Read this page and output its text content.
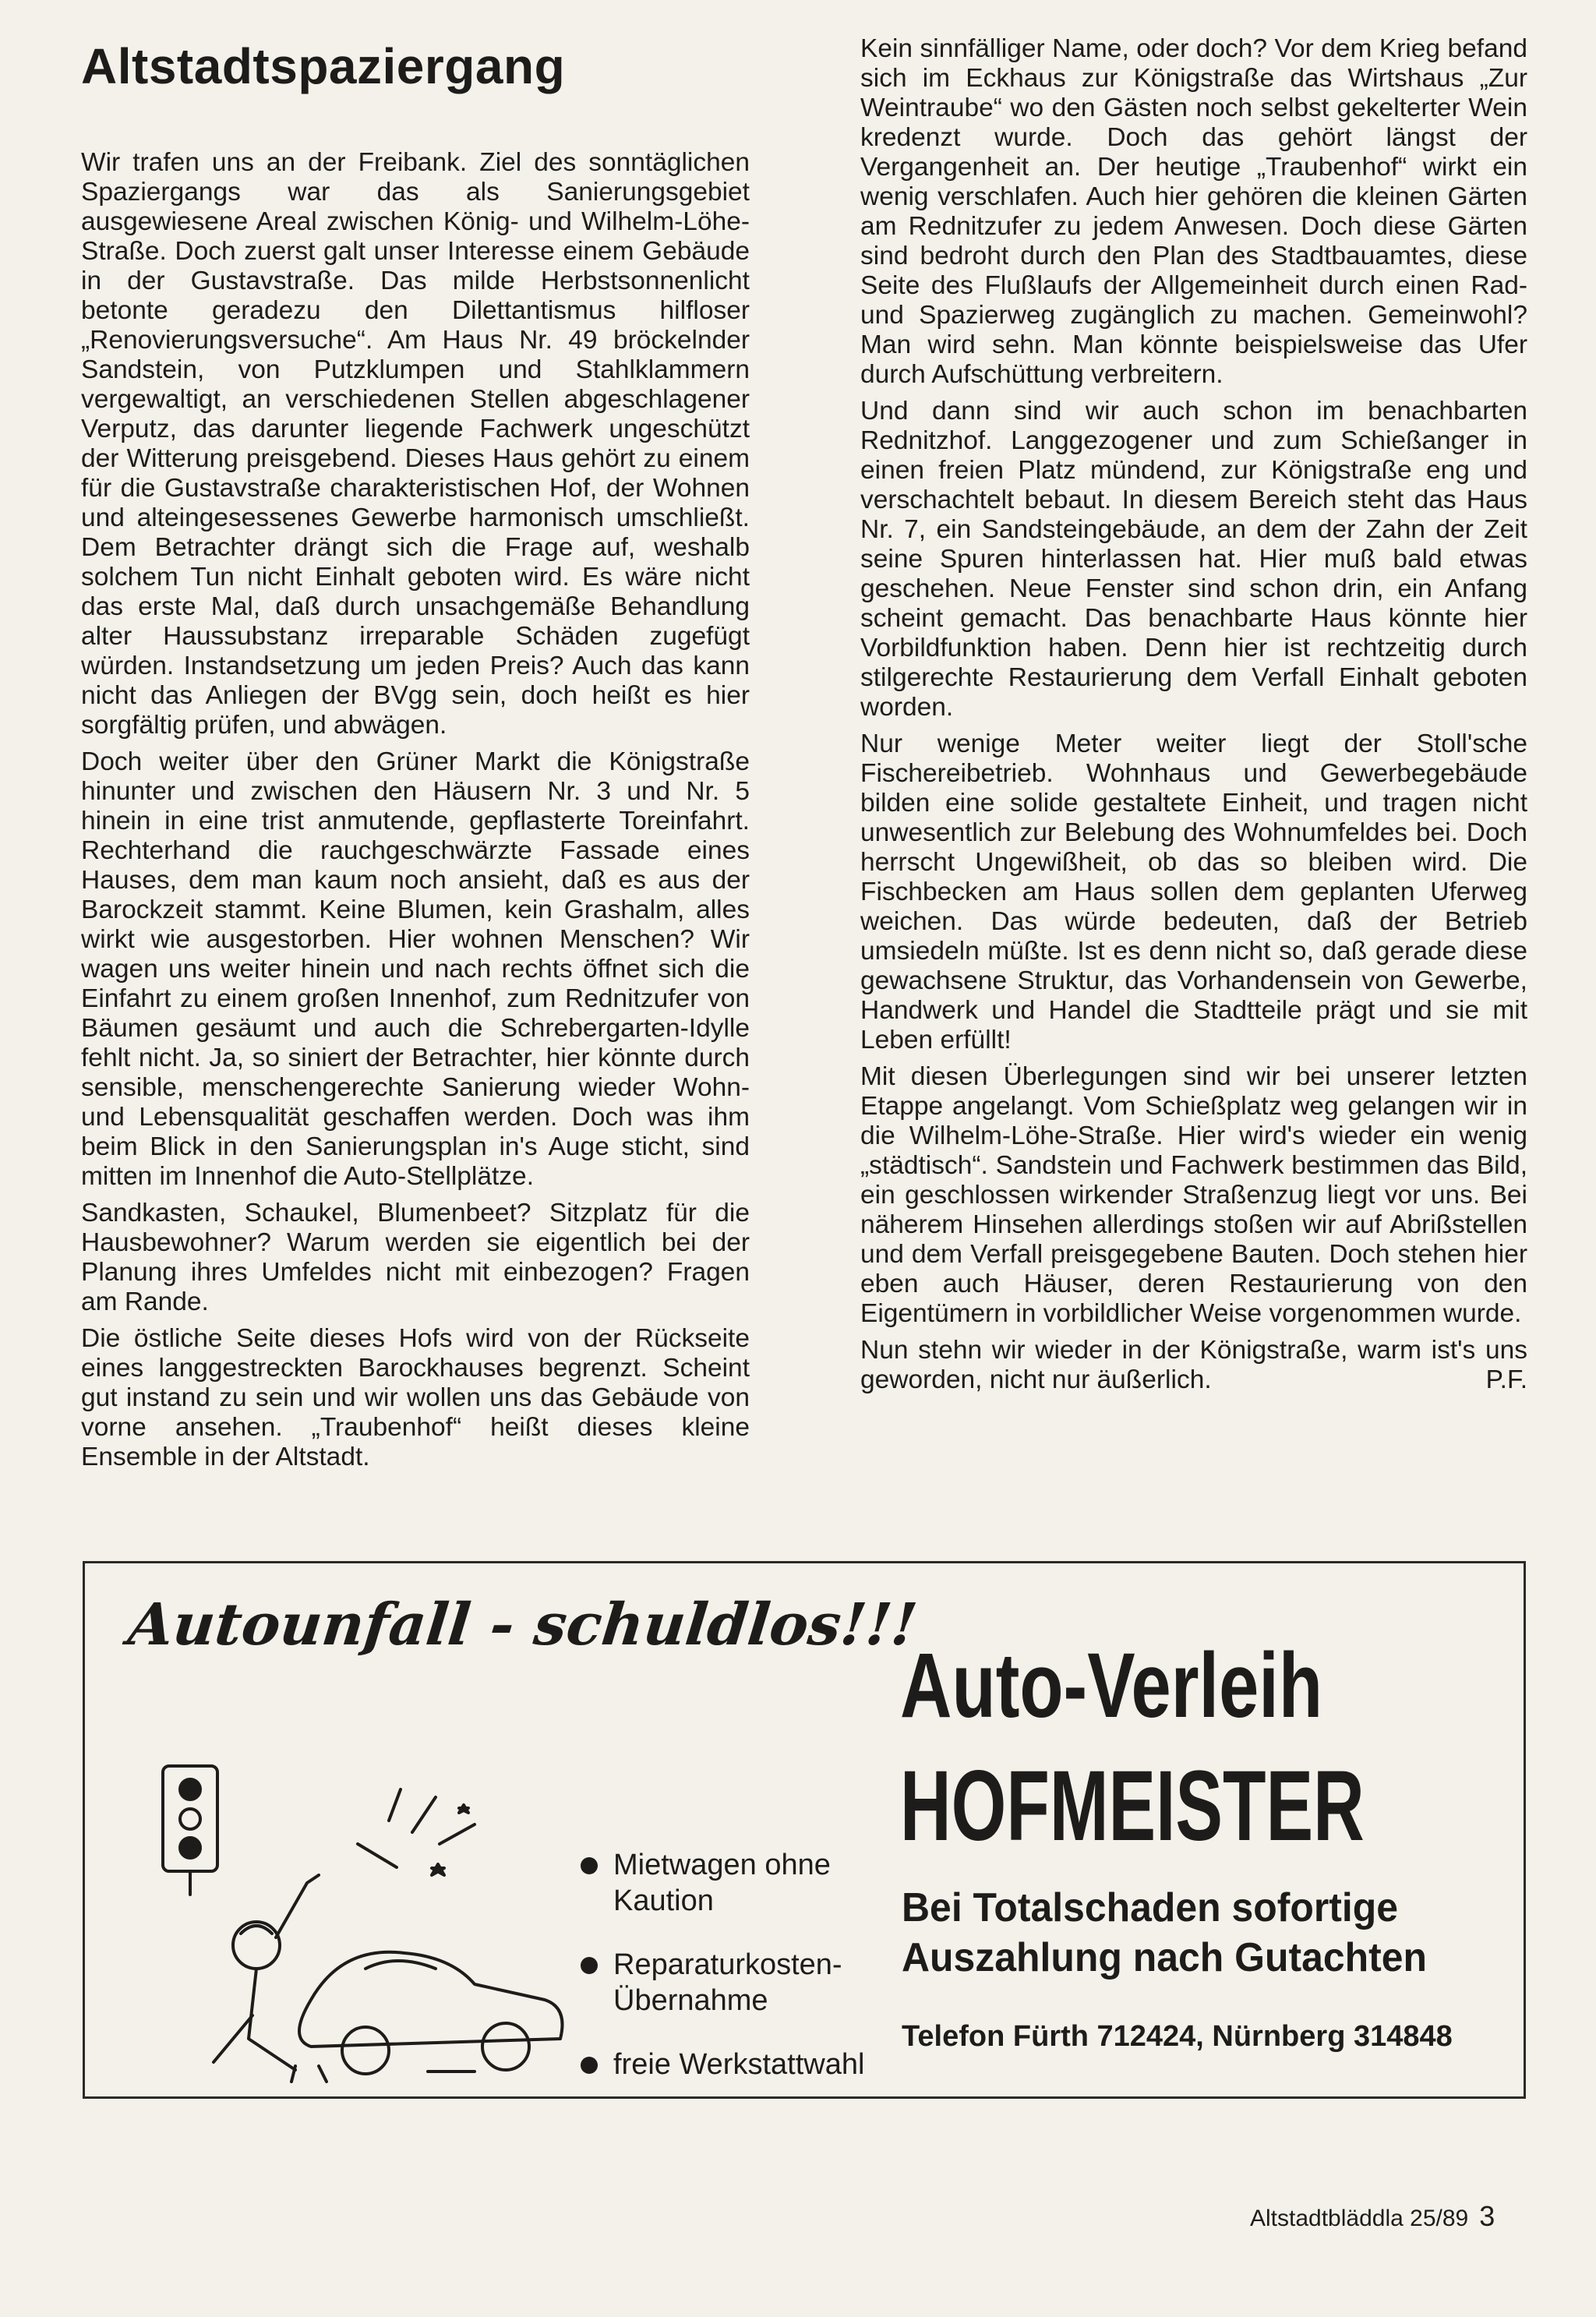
Altstadtspaziergang

Wir trafen uns an der Freibank. Ziel des sonntäglichen Spaziergangs war das als Sanierungsgebiet ausgewiesene Areal zwischen König- und Wilhelm-Löhe-Straße. Doch zuerst galt unser Interesse einem Gebäude in der Gustavstraße. Das milde Herbstsonnenlicht betonte geradezu den Dilettantismus hilfloser „Renovierungsversuche“. Am Haus Nr. 49 bröckelnder Sandstein, von Putzklumpen und Stahlklammern vergewaltigt, an verschiedenen Stellen abgeschlagener Verputz, das darunter liegende Fachwerk ungeschützt der Witterung preisgebend. Dieses Haus gehört zu einem für die Gustavstraße charakteristischen Hof, der Wohnen und alteingesessenes Gewerbe harmonisch umschließt. Dem Betrachter drängt sich die Frage auf, weshalb solchem Tun nicht Einhalt geboten wird. Es wäre nicht das erste Mal, daß durch unsachgemäße Behandlung alter Haussubstanz irreparable Schäden zugefügt würden. Instandsetzung um jeden Preis? Auch das kann nicht das Anliegen der BVgg sein, doch heißt es hier sorgfältig prüfen, und abwägen.

Doch weiter über den Grüner Markt die Königstraße hinunter und zwischen den Häusern Nr. 3 und Nr. 5 hinein in eine trist anmutende, gepflasterte Toreinfahrt. Rechterhand die rauchgeschwärzte Fassade eines Hauses, dem man kaum noch ansieht, daß es aus der Barockzeit stammt. Keine Blumen, kein Grashalm, alles wirkt wie ausgestorben. Hier wohnen Menschen? Wir wagen uns weiter hinein und nach rechts öffnet sich die Einfahrt zu einem großen Innenhof, zum Rednitzufer von Bäumen gesäumt und auch die Schrebergarten-Idylle fehlt nicht. Ja, so siniert der Betrachter, hier könnte durch sensible, menschengerechte Sanierung wieder Wohn- und Lebensqualität geschaffen werden. Doch was ihm beim Blick in den Sanierungsplan in's Auge sticht, sind mitten im Innenhof die Auto-Stellplätze.

Sandkasten, Schaukel, Blumenbeet? Sitzplatz für die Hausbewohner? Warum werden sie eigentlich bei der Planung ihres Umfeldes nicht mit einbezogen? Fragen am Rande.

Die östliche Seite dieses Hofs wird von der Rückseite eines langgestreckten Barockhauses begrenzt. Scheint gut instand zu sein und wir wollen uns das Gebäude von vorne ansehen. „Traubenhof“ heißt dieses kleine Ensemble in der Altstadt.

Kein sinnfälliger Name, oder doch? Vor dem Krieg befand sich im Eckhaus zur Königstraße das Wirtshaus „Zur Weintraube“ wo den Gästen noch selbst gekelterter Wein kredenzt wurde. Doch das gehört längst der Vergangenheit an. Der heutige „Traubenhof“ wirkt ein wenig verschlafen. Auch hier gehören die kleinen Gärten am Rednitzufer zu jedem Anwesen. Doch diese Gärten sind bedroht durch den Plan des Stadtbauamtes, diese Seite des Flußlaufs der Allgemeinheit durch einen Rad- und Spazierweg zugänglich zu machen. Gemeinwohl? Man wird sehn. Man könnte beispielsweise das Ufer durch Aufschüttung verbreitern.

Und dann sind wir auch schon im benachbarten Rednitzhof. Langgezogener und zum Schießanger in einen freien Platz mündend, zur Königstraße eng und verschachtelt bebaut. In diesem Bereich steht das Haus Nr. 7, ein Sandsteingebäude, an dem der Zahn der Zeit seine Spuren hinterlassen hat. Hier muß bald etwas geschehen. Neue Fenster sind schon drin, ein Anfang scheint gemacht. Das benachbarte Haus könnte hier Vorbildfunktion haben. Denn hier ist rechtzeitig durch stilgerechte Restaurierung dem Verfall Einhalt geboten worden.

Nur wenige Meter weiter liegt der Stoll'sche Fischereibetrieb. Wohnhaus und Gewerbegebäude bilden eine solide gestaltete Einheit, und tragen nicht unwesentlich zur Belebung des Wohnumfeldes bei. Doch herrscht Ungewißheit, ob das so bleiben wird. Die Fischbecken am Haus sollen dem geplanten Uferweg weichen. Das würde bedeuten, daß der Betrieb umsiedeln müßte. Ist es denn nicht so, daß gerade diese gewachsene Struktur, das Vorhandensein von Gewerbe, Handwerk und Handel die Stadtteile prägt und sie mit Leben erfüllt!

Mit diesen Überlegungen sind wir bei unserer letzten Etappe angelangt. Vom Schießplatz weg gelangen wir in die Wilhelm-Löhe-Straße. Hier wird's wieder ein wenig „städtisch“. Sandstein und Fachwerk bestimmen das Bild, ein geschlossen wirkender Straßenzug liegt vor uns. Bei näherem Hinsehen allerdings stoßen wir auf Abrißstellen und dem Verfall preisgegebene Bauten. Doch stehen hier eben auch Häuser, deren Restaurierung von den Eigentümern in vorbildlicher Weise vorgenommen wurde.

Nun stehn wir wieder in der Königstraße, warm ist's uns geworden, nicht nur äußerlich.	P.F.

Autounfall - schuldlos!!!
Mietwagen ohne Kaution
Reparaturkosten-Übernahme
freie Werkstattwahl
Auto-Verleih
HOFMEISTER
Bei Totalschaden sofortige
Auszahlung nach Gutachten
Telefon Fürth 712424, Nürnberg 314848
Altstadtbläddla 25/89 3
